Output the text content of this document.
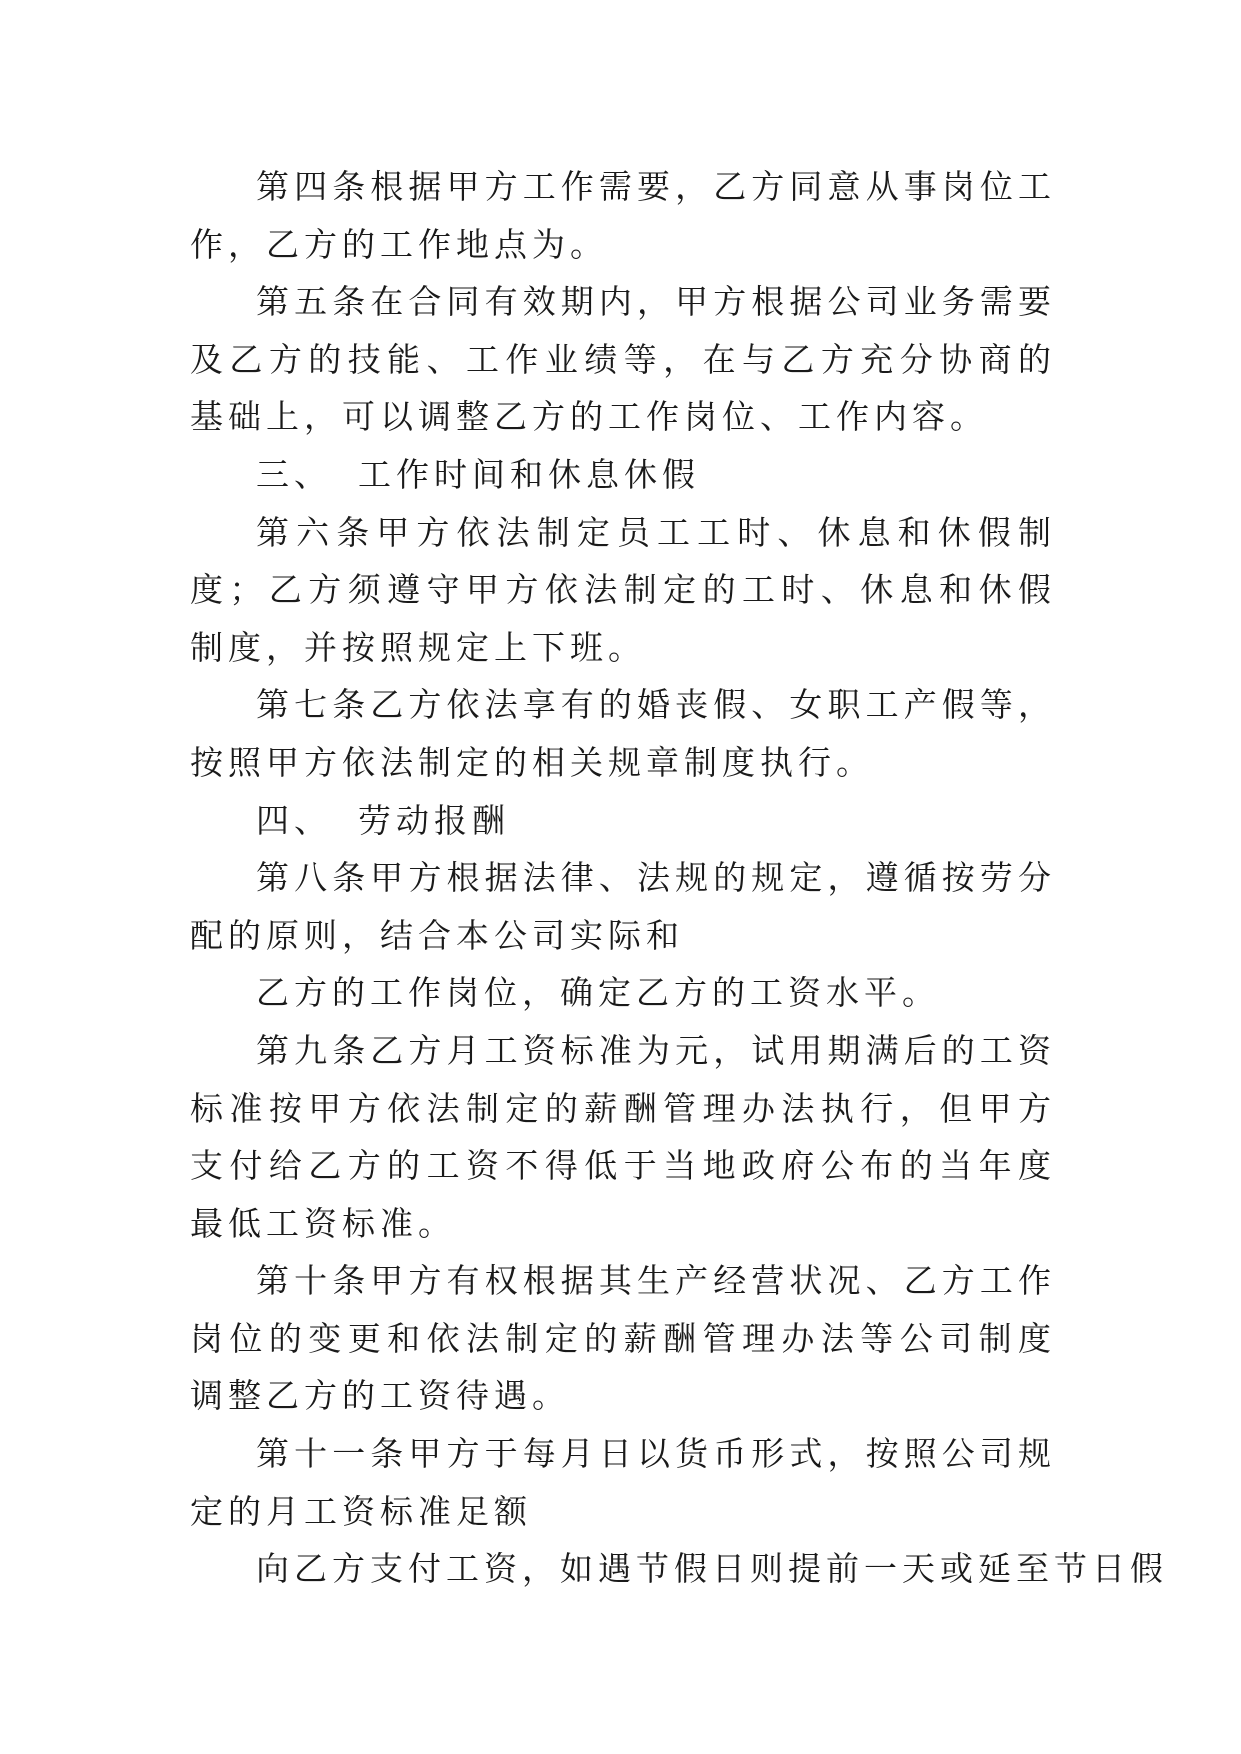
第四条根据甲方工作需要，乙方同意从事岗位工作，乙方的工作地点为。

第五条在合同有效期内，甲方根据公司业务需要及乙方的技能、工作业绩等，在与乙方充分协商的基础上，可以调整乙方的工作岗位、工作内容。

三、 工作时间和休息休假

第六条甲方依法制定员工工时、休息和休假制度；乙方须遵守甲方依法制定的工时、休息和休假制度，并按照规定上下班。

第七条乙方依法享有的婚丧假、女职工产假等，按照甲方依法制定的相关规章制度执行。

四、 劳动报酬

第八条甲方根据法律、法规的规定，遵循按劳分配的原则，结合本公司实际和

乙方的工作岗位，确定乙方的工资水平。

第九条乙方月工资标准为元，试用期满后的工资标准按甲方依法制定的薪酬管理办法执行，但甲方支付给乙方的工资不得低于当地政府公布的当年度最低工资标准。

第十条甲方有权根据其生产经营状况、乙方工作岗位的变更和依法制定的薪酬管理办法等公司制度调整乙方的工资待遇。

第十一条甲方于每月日以货币形式，按照公司规定的月工资标准足额

向乙方支付工资，如遇节假日则提前一天或延至节日假
